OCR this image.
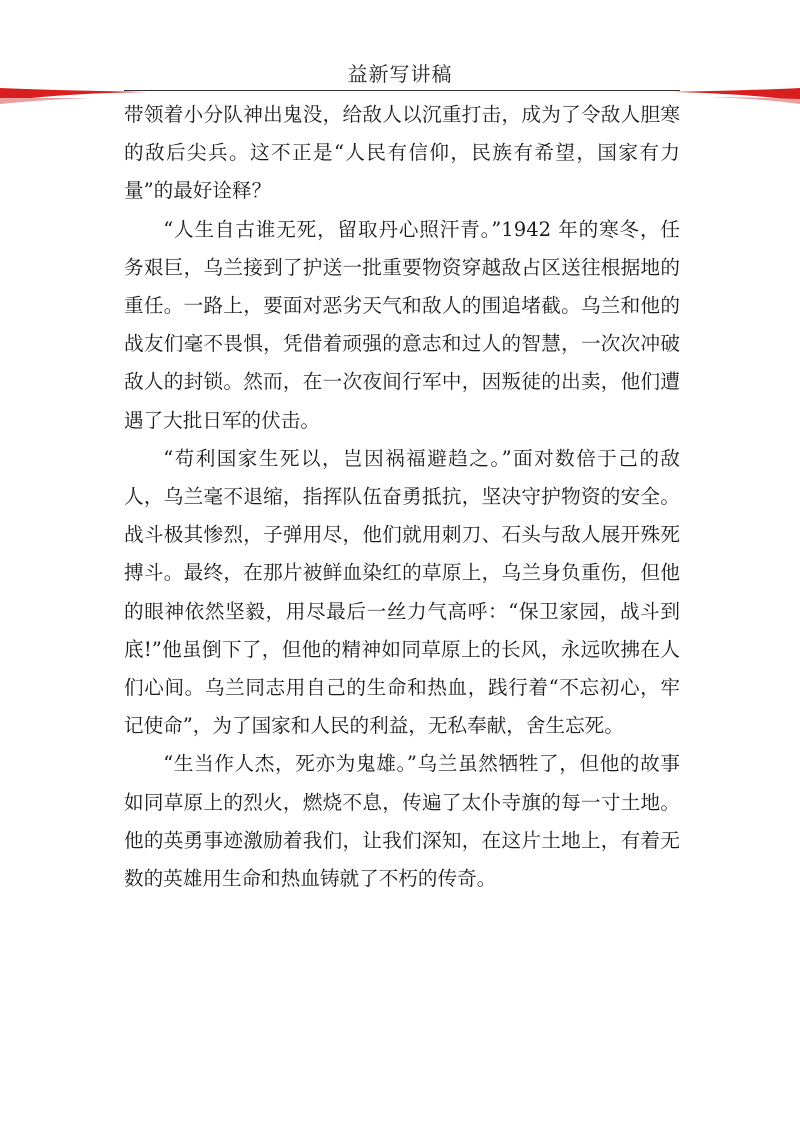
益新写讲稿

带领着小分队神出鬼没，给敌人以沉重打击，成为了令敌人胆寒的敌后尖兵。这不正是“人民有信仰，民族有希望，国家有力量”的最好诠释？

“人生自古谁无死，留取丹心照汗青。”1942 年的寒冬，任务艰巨，乌兰接到了护送一批重要物资穿越敌占区送往根据地的重任。一路上，要面对恶劣天气和敌人的围追堵截。乌兰和他的战友们毫不畏惧，凭借着顽强的意志和过人的智慧，一次次冲破敌人的封锁。然而，在一次夜间行军中，因叛徒的出卖，他们遭遇了大批日军的伏击。

“苟利国家生死以，岂因祸福避趋之。”面对数倍于己的敌人，乌兰毫不退缩，指挥队伍奋勇抵抗，坚决守护物资的安全。战斗极其惨烈，子弹用尽，他们就用刺刀、石头与敌人展开殊死搏斗。最终，在那片被鲜血染红的草原上，乌兰身负重伤，但他的眼神依然坚毅，用尽最后一丝力气高呼：“保卫家园，战斗到底!”他虽倒下了，但他的精神如同草原上的长风，永远吹拂在人们心间。乌兰同志用自己的生命和热血，践行着“不忘初心，牢记使命”，为了国家和人民的利益，无私奉献，舍生忘死。

“生当作人杰，死亦为鬼雄。”乌兰虽然牺牲了，但他的故事如同草原上的烈火，燃烧不息，传遍了太仆寺旗的每一寸土地。他的英勇事迹激励着我们，让我们深知，在这片土地上，有着无数的英雄用生命和热血铸就了不朽的传奇。
